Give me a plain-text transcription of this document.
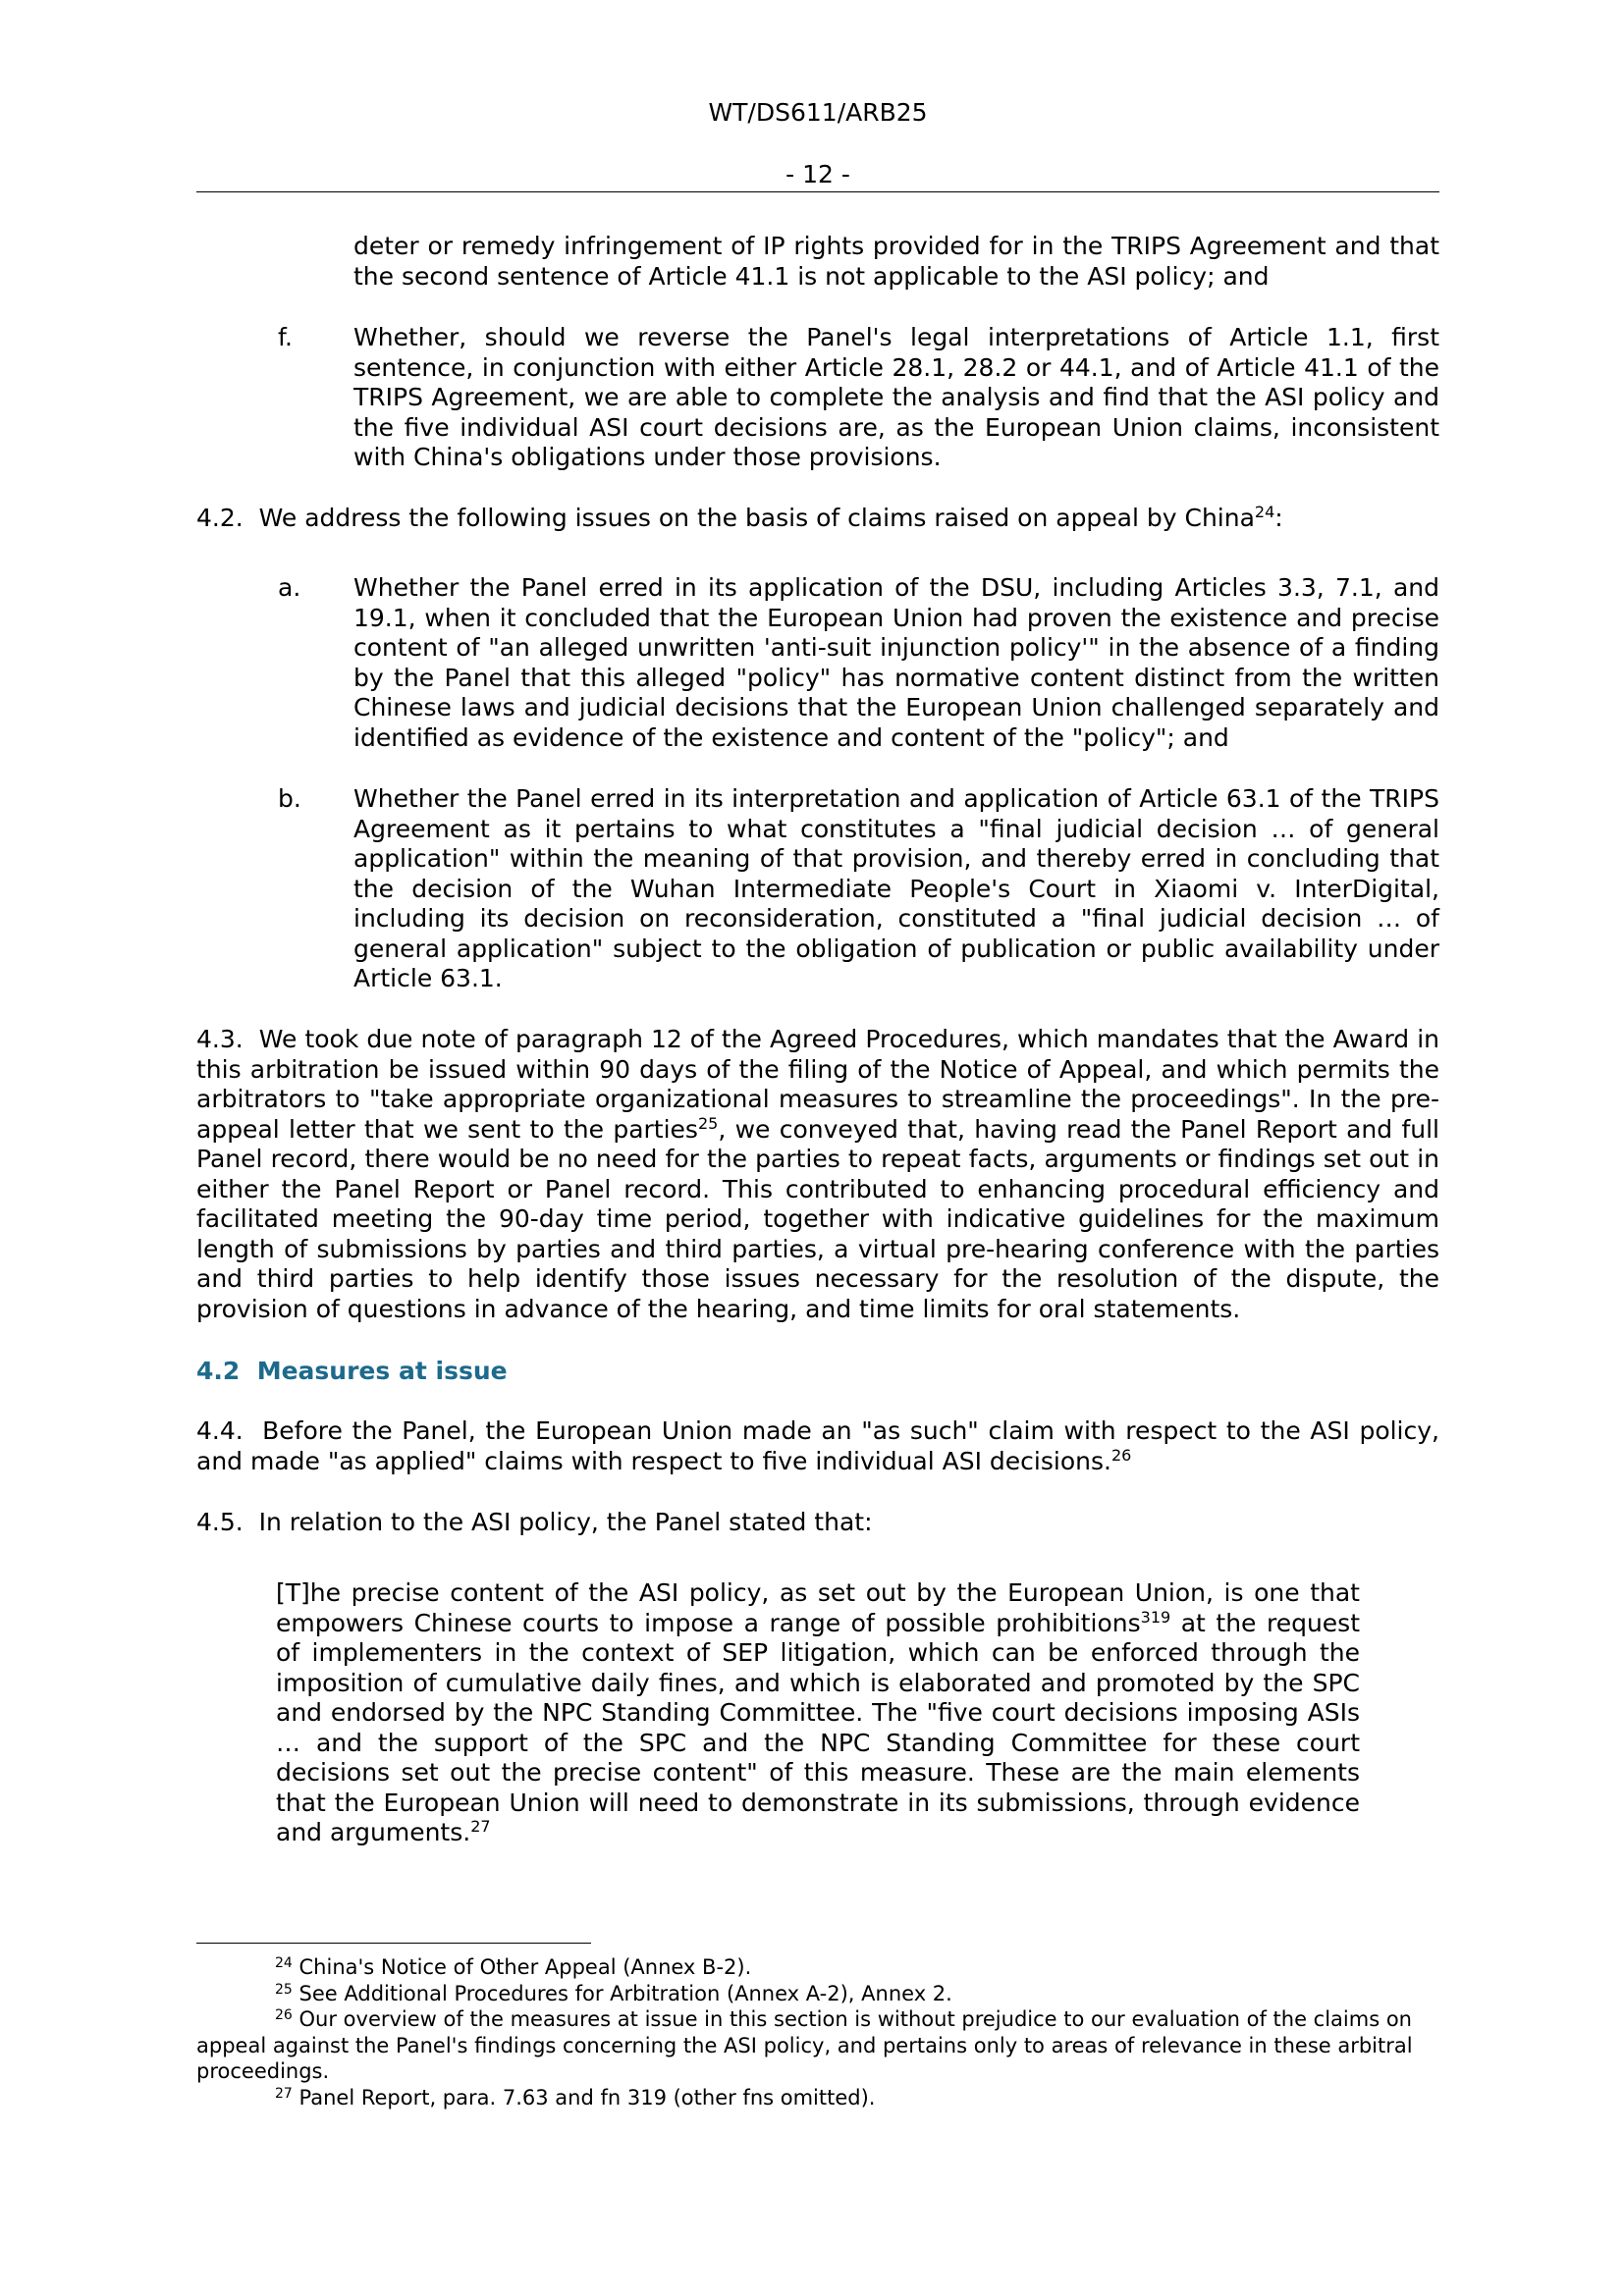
WT/DS611/ARB25
- 12 -
deter or remedy infringement of IP rights provided for in the TRIPS Agreement and that the second sentence of Article 41.1 is not applicable to the ASI policy; and
f. Whether, should we reverse the Panel's legal interpretations of Article 1.1, first sentence, in conjunction with either Article 28.1, 28.2 or 44.1, and of Article 41.1 of the TRIPS Agreement, we are able to complete the analysis and find that the ASI policy and the five individual ASI court decisions are, as the European Union claims, inconsistent with China's obligations under those provisions.
4.2. We address the following issues on the basis of claims raised on appeal by China$^{24}$:
a. Whether the Panel erred in its application of the DSU, including Articles 3.3, 7.1, and 19.1, when it concluded that the European Union had proven the existence and precise content of "an alleged unwritten 'anti-suit injunction policy'" in the absence of a finding by the Panel that this alleged "policy" has normative content distinct from the written Chinese laws and judicial decisions that the European Union challenged separately and identified as evidence of the existence and content of the "policy"; and
b. Whether the Panel erred in its interpretation and application of Article 63.1 of the TRIPS Agreement as it pertains to what constitutes a "final judicial decision … of general application" within the meaning of that provision, and thereby erred in concluding that the decision of the Wuhan Intermediate People's Court in Xiaomi v. InterDigital, including its decision on reconsideration, constituted a "final judicial decision … of general application" subject to the obligation of publication or public availability under Article 63.1.
4.3. We took due note of paragraph 12 of the Agreed Procedures, which mandates that the Award in this arbitration be issued within 90 days of the filing of the Notice of Appeal, and which permits the arbitrators to "take appropriate organizational measures to streamline the proceedings". In the pre-appeal letter that we sent to the parties$^{25}$, we conveyed that, having read the Panel Report and full Panel record, there would be no need for the parties to repeat facts, arguments or findings set out in either the Panel Report or Panel record. This contributed to enhancing procedural efficiency and facilitated meeting the 90-day time period, together with indicative guidelines for the maximum length of submissions by parties and third parties, a virtual pre-hearing conference with the parties and third parties to help identify those issues necessary for the resolution of the dispute, the provision of questions in advance of the hearing, and time limits for oral statements.
4.2 Measures at issue
4.4. Before the Panel, the European Union made an "as such" claim with respect to the ASI policy, and made "as applied" claims with respect to five individual ASI decisions.$^{26}$
4.5. In relation to the ASI policy, the Panel stated that:
[T]he precise content of the ASI policy, as set out by the European Union, is one that empowers Chinese courts to impose a range of possible prohibitions$^{319}$ at the request of implementers in the context of SEP litigation, which can be enforced through the imposition of cumulative daily fines, and which is elaborated and promoted by the SPC and endorsed by the NPC Standing Committee. The "five court decisions imposing ASIs … and the support of the SPC and the NPC Standing Committee for these court decisions set out the precise content" of this measure. These are the main elements that the European Union will need to demonstrate in its submissions, through evidence and arguments.$^{27}$
$^{24}$ China's Notice of Other Appeal (Annex B-2).
$^{25}$ See Additional Procedures for Arbitration (Annex A-2), Annex 2.
$^{26}$ Our overview of the measures at issue in this section is without prejudice to our evaluation of the claims on appeal against the Panel's findings concerning the ASI policy, and pertains only to areas of relevance in these arbitral proceedings.
$^{27}$ Panel Report, para. 7.63 and fn 319 (other fns omitted).
